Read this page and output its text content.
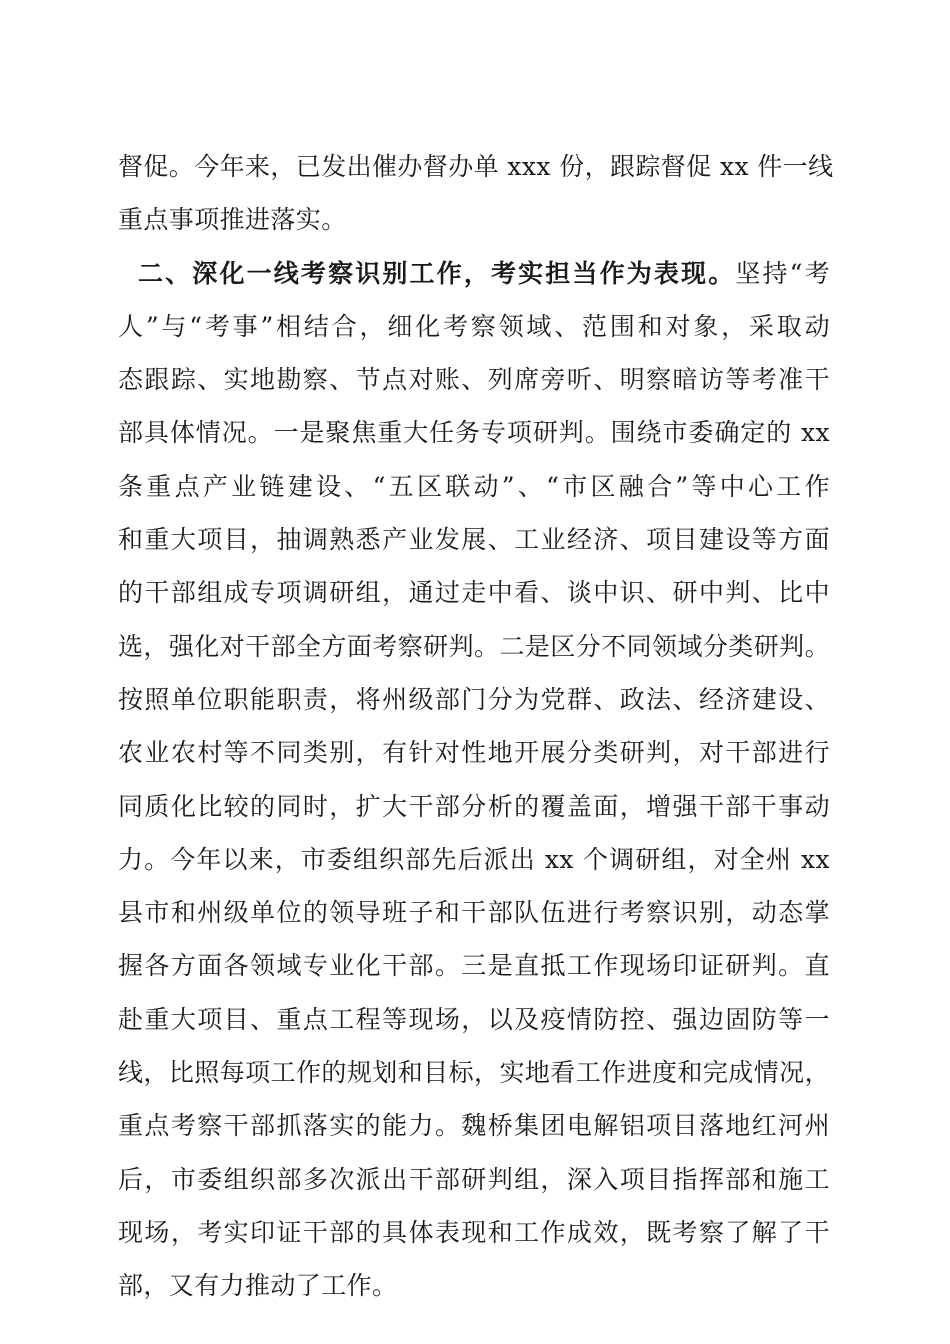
督促。今年来，已发出催办督办单 xxx 份，跟踪督促 xx 件一线
重点事项推进落实。
二、深化一线考察识别工作，考实担当作为表现。坚持“考
人”与“考事”相结合，细化考察领域、范围和对象，采取动
态跟踪、实地勘察、节点对账、列席旁听、明察暗访等考准干
部具体情况。一是聚焦重大任务专项研判。围绕市委确定的 xx
条重点产业链建设、“五区联动”、“市区融合”等中心工作
和重大项目，抽调熟悉产业发展、工业经济、项目建设等方面
的干部组成专项调研组，通过走中看、谈中识、研中判、比中
选，强化对干部全方面考察研判。二是区分不同领域分类研判。
按照单位职能职责，将州级部门分为党群、政法、经济建设、
农业农村等不同类别，有针对性地开展分类研判，对干部进行
同质化比较的同时，扩大干部分析的覆盖面，增强干部干事动
力。今年以来，市委组织部先后派出 xx 个调研组，对全州 xx
县市和州级单位的领导班子和干部队伍进行考察识别，动态掌
握各方面各领域专业化干部。三是直抵工作现场印证研判。直
赴重大项目、重点工程等现场，以及疫情防控、强边固防等一
线，比照每项工作的规划和目标，实地看工作进度和完成情况，
重点考察干部抓落实的能力。魏桥集团电解铝项目落地红河州
后，市委组织部多次派出干部研判组，深入项目指挥部和施工
现场，考实印证干部的具体表现和工作成效，既考察了解了干
部，又有力推动了工作。
